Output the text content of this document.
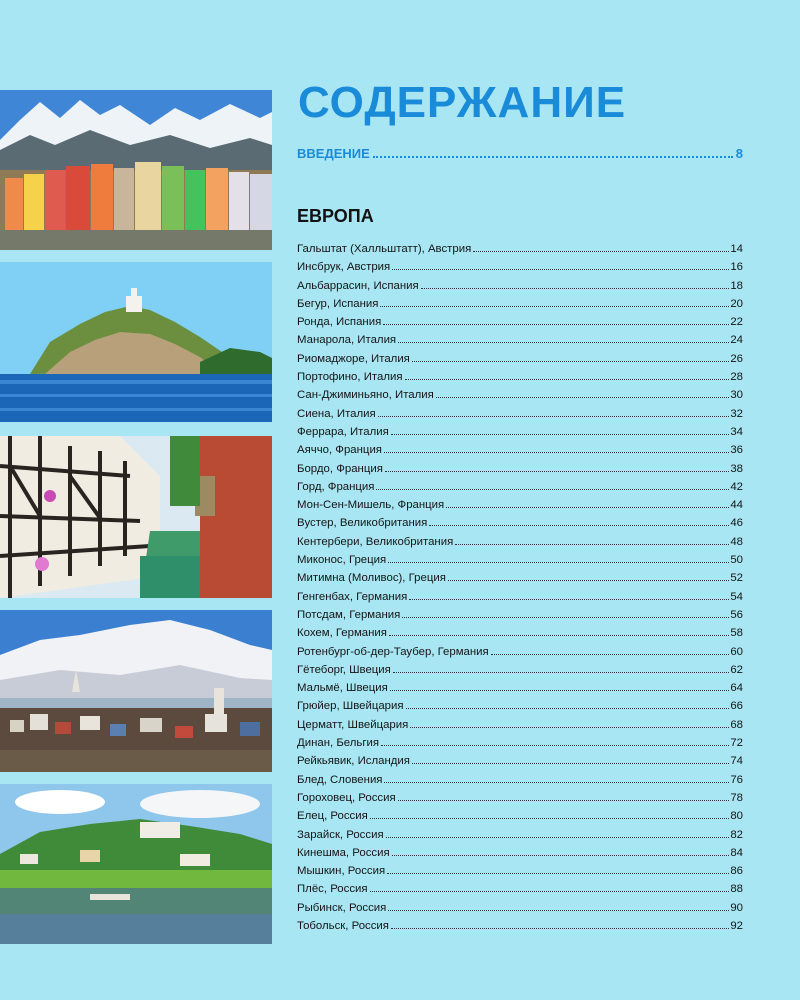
СОДЕРЖАНИЕ
ВВЕДЕНИЕ	8
ЕВРОПА
Гальштат (Халльштатт), Австрия	14
Инсбрук, Австрия	16
Альбаррасин, Испания	18
Бегур, Испания	20
Ронда, Испания	22
Манарола, Италия	24
Риомаджоре, Италия	26
Портофино, Италия	28
Сан-Джиминьяно, Италия	30
Сиена, Италия	32
Феррара, Италия	34
Аяччо, Франция	36
Бордо, Франция	38
Горд, Франция	42
Мон-Сен-Мишель, Франция	44
Вустер, Великобритания	46
Кентербери, Великобритания	48
Миконос, Греция	50
Митимна (Моливос), Греция	52
Генгенбах, Германия	54
Потсдам, Германия	56
Кохем, Германия	58
Ротенбург-об-дер-Таубер, Германия	60
Гётеборг, Швеция	62
Мальмё, Швеция	64
Грюйер, Швейцария	66
Церматт, Швейцария	68
Динан, Бельгия	72
Рейкьявик, Исландия	74
Блед, Словения	76
Гороховец, Россия	78
Елец, Россия	80
Зарайск, Россия	82
Кинешма, Россия	84
Мышкин, Россия	86
Плёс, Россия	88
Рыбинск, Россия	90
Тобольск, Россия	92
